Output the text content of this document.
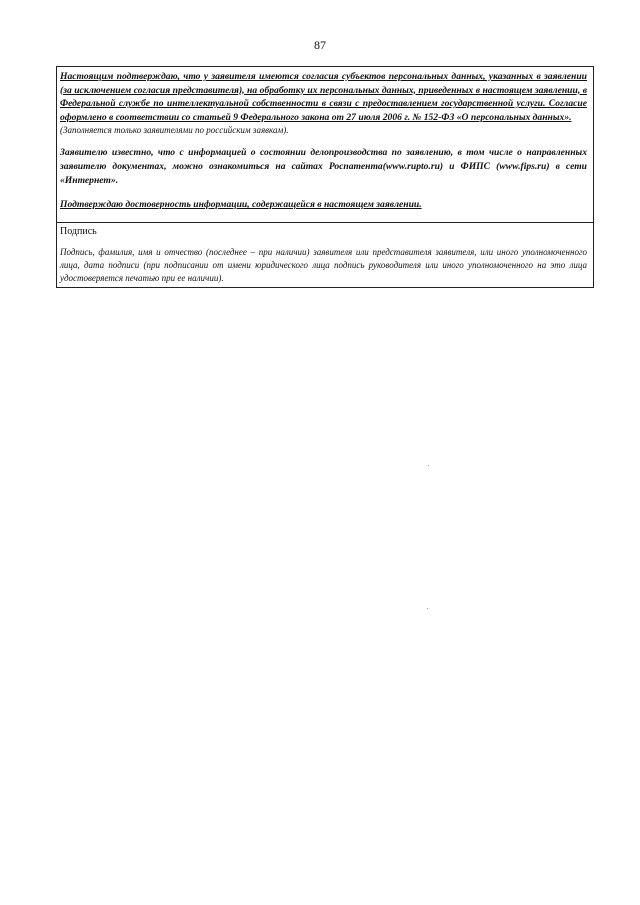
87

Настоящим подтверждаю, что у заявителя имеются согласия субъектов персональных данных, указанных в заявлении (за исключением согласия представителя), на обработку их персональных данных, приведенных в настоящем заявлении, в Федеральной службе по интеллектуальной собственности в связи с предоставлением государственной услуги. Согласие оформлено в соответствии со статьей 9 Федерального закона от 27 июля 2006 г. № 152-ФЗ «О персональных данных».

(Заполняется только заявителями по российским заявкам).

Заявителю известно, что с информацией о состоянии делопроизводства по заявлению, в том числе о направленных заявителю документах, можно ознакомиться на сайтах Роспатента(www.rupto.ru) и ФИПС (www.fips.ru) в сети «Интернет».

Подтверждаю достоверность информации, содержащейся в настоящем заявлении.

Подпись

Подпись, фамилия, имя и отчество (последнее – при наличии) заявителя или представителя заявителя, или иного уполномоченного лица, дата подписи (при подписании от имени юридического лица подпись руководителя или иного уполномоченного на это лица удостоверяется печатью при ее наличии).
